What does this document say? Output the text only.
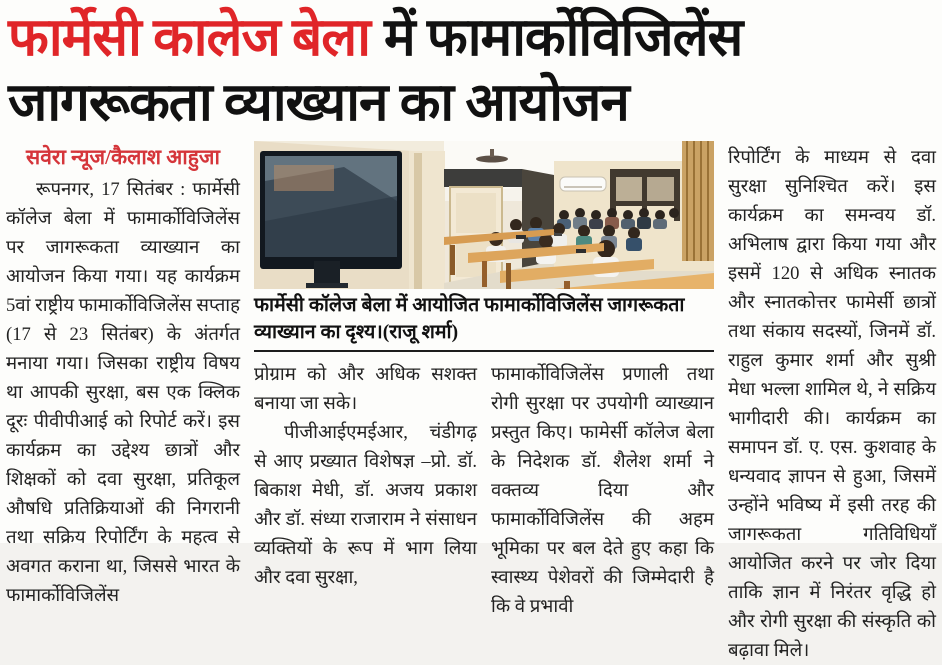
फार्मेसी कालेज बेला में फामार्कोविजिलेंस
जागरूकता व्याख्यान का आयोजन
सवेरा न्यूज/कैलाश आहुजा

रूपनगर, 17 सितंबर : फार्मेसी कॉलेज बेला में फामार्कोविजिलेंस पर जागरूकता व्याख्यान का आयोजन किया गया। यह कार्यक्रम 5वां राष्ट्रीय फामार्कोविजिलेंस सप्ताह (17 से 23 सितंबर) के अंतर्गत मनाया गया। जिसका राष्ट्रीय विषय था आपकी सुरक्षा, बस एक क्लिक दूरः पीवीपीआई को रिपोर्ट करें। इस कार्यक्रम का उद्देश्य छात्रों और शिक्षकों को दवा सुरक्षा, प्रतिकूल औषधि प्रतिक्रियाओं की निगरानी तथा सक्रिय रिपोर्टिंग के महत्व से अवगत कराना था, जिससे भारत के फामार्कोविजिलेंस

फार्मेसी कॉलेज बेला में आयोजित फामार्कोविजिलेंस जागरूकता व्याख्यान का दृश्य।(राजू शर्मा)

प्रोग्राम को और अधिक सशक्त बनाया जा सके।

पीजीआईएमईआर, चंडीगढ़ से आए प्रख्यात विशेषज्ञ –प्रो. डॉ. बिकाश मेधी, डॉ. अजय प्रकाश और डॉ. संध्या राजाराम ने संसाधन व्यक्तियों के रूप में भाग लिया और दवा सुरक्षा,

फामार्कोविजिलेंस प्रणाली तथा रोगी सुरक्षा पर उपयोगी व्याख्यान प्रस्तुत किए। फामेर्सी कॉलेज बेला के निदेशक डॉ. शैलेश शर्मा ने वक्तव्य दिया और फामार्कोविजिलेंस की अहम भूमिका पर बल देते हुए कहा कि स्वास्थ्य पेशेवरों की जिम्मेदारी है कि वे प्रभावी

रिपोर्टिंग के माध्यम से दवा सुरक्षा सुनिश्चित करें। इस कार्यक्रम का समन्वय डॉ. अभिलाष द्वारा किया गया और इसमें 120 से अधिक स्नातक और स्नातकोत्तर फामेर्सी छात्रों तथा संकाय सदस्यों, जिनमें डॉ. राहुल कुमार शर्मा और सुश्री मेधा भल्ला शामिल थे, ने सक्रिय भागीदारी की। कार्यक्रम का समापन डॉ. ए. एस. कुशवाह के धन्यवाद ज्ञापन से हुआ, जिसमें उन्होंने भविष्य में इसी तरह की जागरूकता गतिविधियाँ आयोजित करने पर जोर दिया ताकि ज्ञान में निरंतर वृद्धि हो और रोगी सुरक्षा की संस्कृति को बढ़ावा मिले।
